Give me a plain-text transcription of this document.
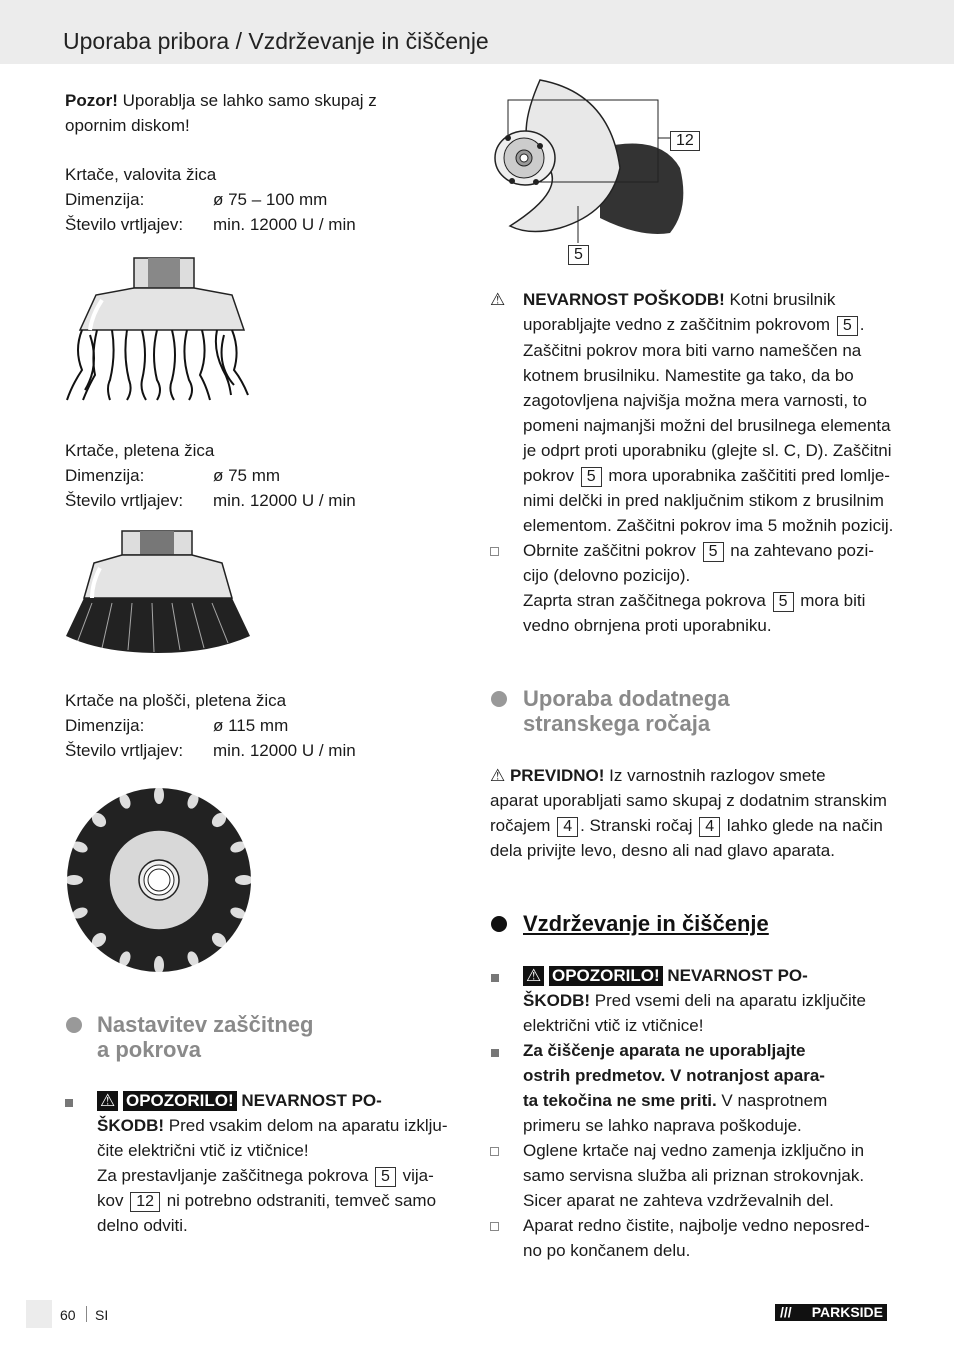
Uporaba pribora / Vzdrževanje in čiščenje
Pozor! Uporablja se lahko samo skupaj z
opornim diskom!
Krtače, valovita žica
Dimenzija:	ø 75 – 100 mm
Število vrtljajev: min. 12000 U / min
Krtače, pletena žica
Dimenzija:	ø 75 mm
Število vrtljajev: min. 12000 U / min
Krtače na plošči, pletena žica
Dimenzija:	ø 115 mm
Število vrtljajev: min. 12000 U / min
Nastavitev zaščitneg
a pokrova
⚠ OPOZORILO! NEVARNOST PO-
ŠKODB! Pred vsakim delom na aparatu izklju-
čite električni vtič iz vtičnice!
Za prestavljanje zaščitnega pokrova 5 vija-
kov 12 ni potrebno odstraniti, temveč samo
delno odviti.
12
5
⚠ NEVARNOST POŠKODB! Kotni brusilnik
uporabljajte vedno z zaščitnim pokrovom 5 .
Zaščitni pokrov mora biti varno nameščen na
kotnem brusilniku. Namestite ga tako, da bo
zagotovljena najvišja možna mera varnosti, to
pomeni najmanjši možni del brusilnega elementa
je odprt proti uporabniku (glejte sl. C, D). Zaščitni
pokrov 5 mora uporabnika zaščititi pred lomlje-
nimi delčki in pred naključnim stikom z brusilnim
elementom. Zaščitni pokrov ima 5 možnih pozicij.
Obrnite zaščitni pokrov 5 na zahtevano pozi-
cijo (delovno pozicijo).
Zaprta stran zaščitnega pokrova 5 mora biti
vedno obrnjena proti uporabniku.
Uporaba dodatnega
stranskega ročaja
⚠ PREVIDNO! Iz varnostnih razlogov smete
aparat uporabljati samo skupaj z dodatnim stranskim
ročajem 4 . Stranski ročaj 4 lahko glede na način
dela privijte levo, desno ali nad glavo aparata.
Vzdrževanje in čiščenje
⚠ OPOZORILO! NEVARNOST PO-
ŠKODB! Pred vsemi deli na aparatu izključite
električni vtič iz vtičnice!
Za čiščenje aparata ne uporabljajte
ostrih predmetov. V notranjost apara-
ta tekočina ne sme priti. V nasprotnem
primeru se lahko naprava poškoduje.
Oglene krtače naj vedno zamenja izključno in
samo servisna služba ali priznan strokovnjak.
Sicer aparat ne zahteva vzdrževalnih del.
Aparat redno čistite, najbolje vedno neposred-
no po končanem delu.
60 SI	/// PARKSIDE
